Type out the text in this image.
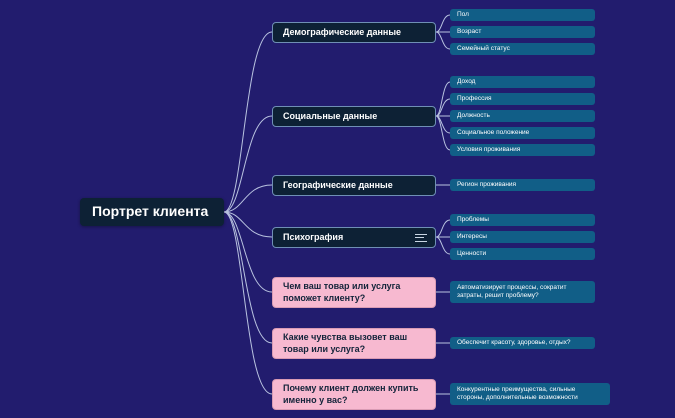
Портрет клиента
Демографические данные
Пол
Возраст
Семейный статус
Социальные данные
Доход
Профессия
Должность
Социальное положение
Условия проживания
Географические данные	Регион проживания
Психография
Проблемы
Интересы
Ценности
Чем ваш товар или услуга поможет клиенту?
Автоматизирует процессы, сократит затраты, решит проблему?
Какие чувства вызовет ваш товар или услуга?
Обеспечит красоту, здоровье, отдых?
Почему клиент должен купить именно у вас?
Конкурентные преимущества, сильные стороны, дополнительные возможности
